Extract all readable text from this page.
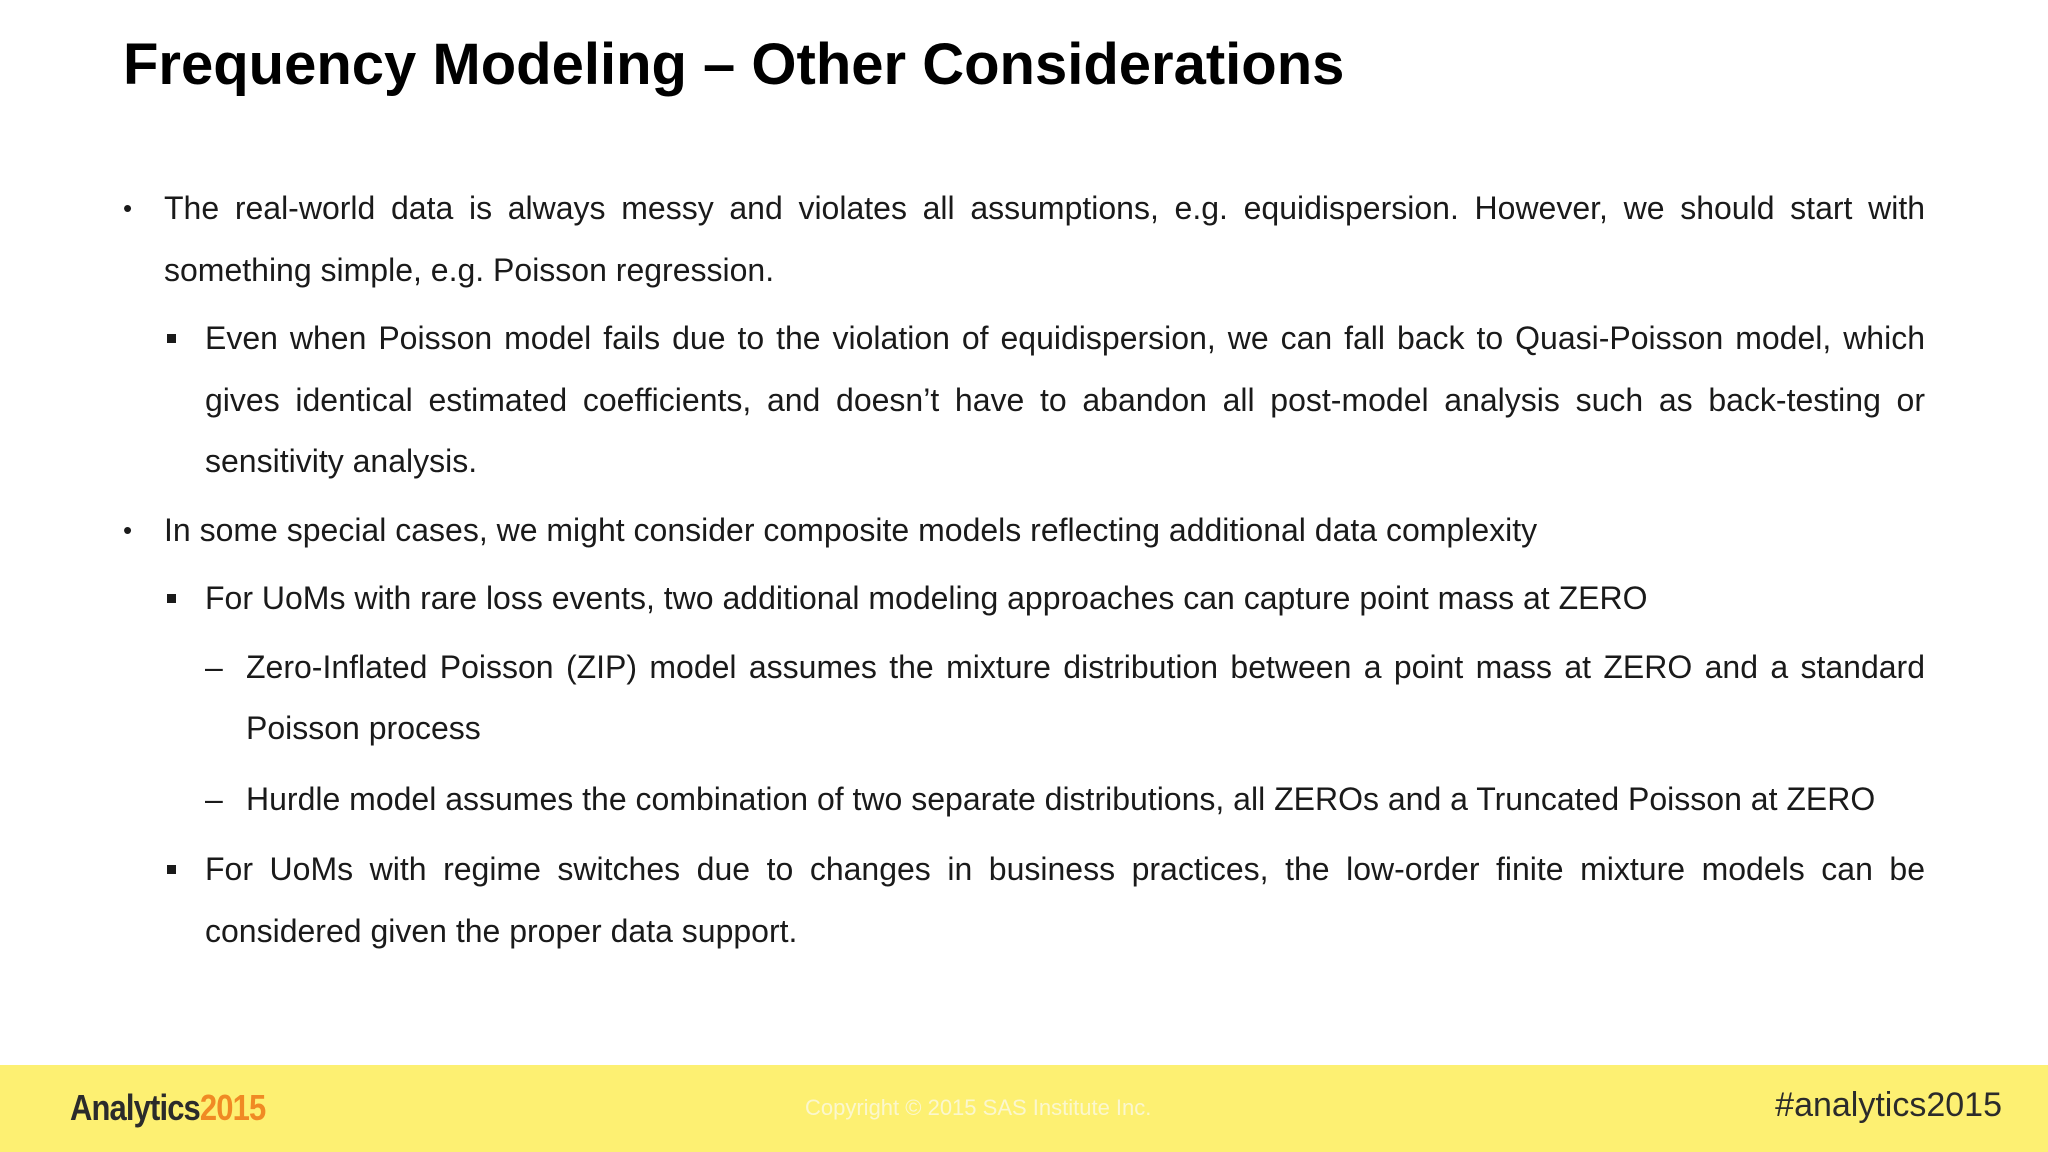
Frequency Modeling – Other Considerations
• The real-world data is always messy and violates all assumptions, e.g. equidispersion. However, we should start with something simple, e.g. Poisson regression.
Even when Poisson model fails due to the violation of equidispersion, we can fall back to Quasi-Poisson model, which gives identical estimated coefficients, and doesn’t have to abandon all post-model analysis such as back-testing or sensitivity analysis.
• In some special cases, we might consider composite models reflecting additional data complexity
For UoMs with rare loss events, two additional modeling approaches can capture point mass at ZERO
– Zero-Inflated Poisson (ZIP) model assumes the mixture distribution between a point mass at ZERO and a standard Poisson process
– Hurdle model assumes the combination of two separate distributions, all ZEROs and a Truncated Poisson at ZERO
For UoMs with regime switches due to changes in business practices, the low-order finite mixture models can be considered given the proper data support.
Analytics2015	Copyright © 2015 SAS Institute Inc.	#analytics2015
